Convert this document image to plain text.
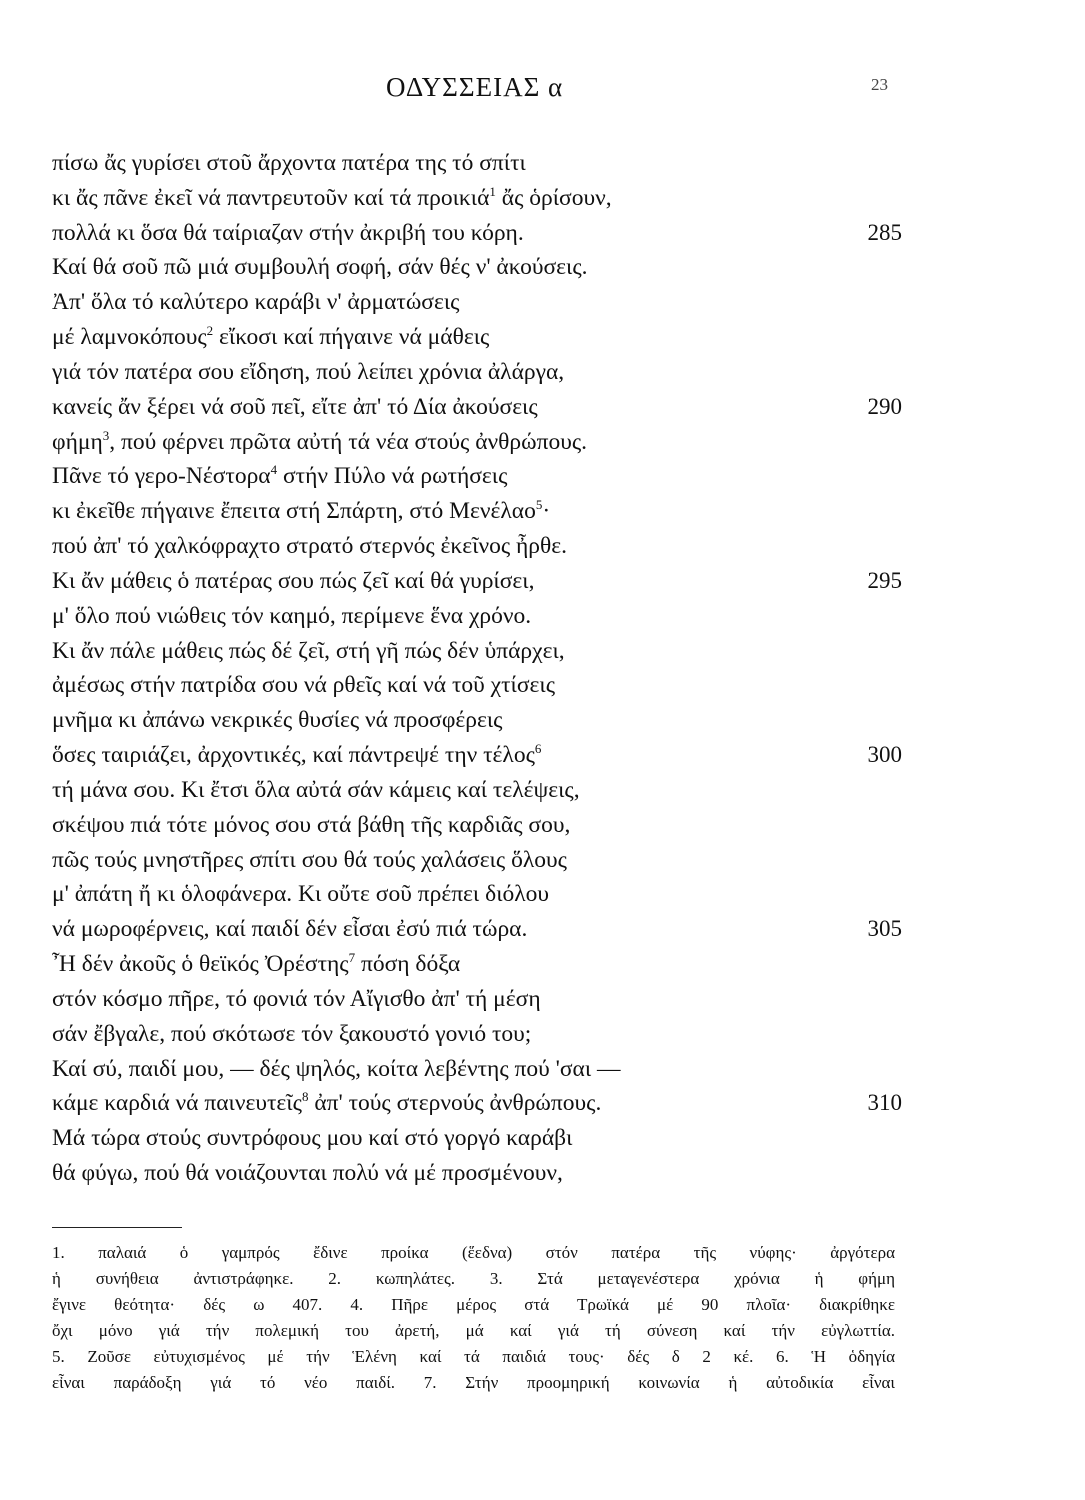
ΟΔΥΣΣΕΙΑΣ α	23
πίσω ἄς γυρίσει στοῦ ἄρχοντα πατέρα της τό σπίτι
κι ἄς πᾶνε ἐκεῖ νά παντρευτοῦν καί τά προικιά$^1$ ἄς ὁρίσουν,
πολλά κι ὅσα θά ταίριαζαν στήν ἀκριβή του κόρη.	285
Καί θά σοῦ πῶ μιά συμβουλή σοφή, σάν θές ν' ἀκούσεις.
Ἀπ' ὅλα τό καλύτερο καράβι ν' ἀρματώσεις
μέ λαμνοκόπους$^2$ εἴκοσι καί πήγαινε νά μάθεις
γιά τόν πατέρα σου εἴδηση, πού λείπει χρόνια ἀλάργα,
κανείς ἄν ξέρει νά σοῦ πεῖ, εἴτε ἀπ' τό Δία ἀκούσεις	290
φήμη$^3$, πού φέρνει πρῶτα αὐτή τά νέα στούς ἀνθρώπους.
Πᾶνε τό γερο-Νέστορα$^4$ στήν Πύλο νά ρωτήσεις
κι ἐκεῖθε πήγαινε ἔπειτα στή Σπάρτη, στό Μενέλαο$^5$·
πού ἀπ' τό χαλκόφραχτο στρατό στερνός ἐκεῖνος ἦρθε.
Κι ἄν μάθεις ὁ πατέρας σου πώς ζεῖ καί θά γυρίσει,	295
μ' ὅλο πού νιώθεις τόν καημό, περίμενε ἕνα χρόνο.
Κι ἄν πάλε μάθεις πώς δέ ζεῖ, στή γῆ πώς δέν ὑπάρχει,
ἀμέσως στήν πατρίδα σου νά ρθεῖς καί νά τοῦ χτίσεις
μνῆμα κι ἀπάνω νεκρικές θυσίες νά προσφέρεις
ὅσες ταιριάζει, ἀρχοντικές, καί πάντρεψέ την τέλος$^6$	300
τή μάνα σου. Κι ἔτσι ὅλα αὐτά σάν κάμεις καί τελέψεις,
σκέψου πιά τότε μόνος σου στά βάθη τῆς καρδιᾶς σου,
πῶς τούς μνηστῆρες σπίτι σου θά τούς χαλάσεις ὅλους
μ' ἀπάτη ἤ κι ὁλοφάνερα. Κι οὔτε σοῦ πρέπει διόλου
νά μωροφέρνεις, καί παιδί δέν εἶσαι ἐσύ πιά τώρα.	305
Ἦ δέν ἀκοῦς ὁ θεϊκός Ὀρέστης$^7$ πόση δόξα
στόν κόσμο πῆρε, τό φονιά τόν Αἴγισθο ἀπ' τή μέση
σάν ἔβγαλε, πού σκότωσε τόν ξακουστό γονιό του;
Καί σύ, παιδί μου, — δές ψηλός, κοίτα λεβέντης πού 'σαι —
κάμε καρδιά νά παινευτεῖς$^8$ ἀπ' τούς στερνούς ἀνθρώπους.	310
Μά τώρα στούς συντρόφους μου καί στό γοργό καράβι
θά φύγω, πού θά νοιάζουνται πολύ νά μέ προσμένουν,
1. παλαιά ὁ γαμπρός ἔδινε προίκα (ἕεδνα) στόν πατέρα τῆς νύφης· ἀργότερα
ἡ συνήθεια ἀντιστράφηκε. 2. κωπηλάτες. 3. Στά μεταγενέστερα χρόνια ἡ φήμη
ἔγινε θεότητα· δές ω 407. 4. Πῆρε μέρος στά Τρωϊκά μέ 90 πλοῖα· διακρίθηκε
ὄχι μόνο γιά τήν πολεμική του ἀρετή, μά καί γιά τή σύνεση καί τήν εὐγλωττία.
5. Ζοῦσε εὐτυχισμένος μέ τήν Ἑλένη καί τά παιδιά τους· δές δ 2 κέ. 6. Ἡ ὁδηγία
εἶναι παράδοξη γιά τό νέο παιδί. 7. Στήν προομηρική κοινωνία ἡ αὐτοδικία εἶναι
